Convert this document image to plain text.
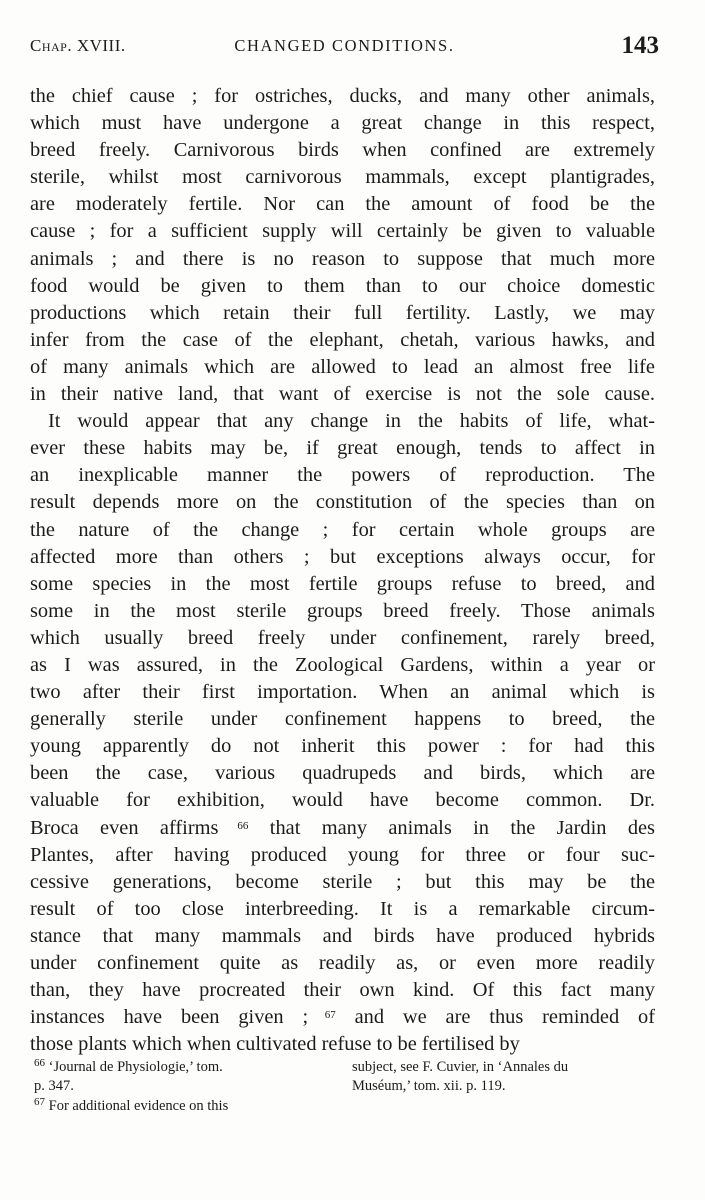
Chap. XVIII.	CHANGED CONDITIONS.	143
the chief cause ; for ostriches, ducks, and many other animals,
which must have undergone a great change in this respect,
breed freely. Carnivorous birds when confined are extremely
sterile, whilst most carnivorous mammals, except plantigrades,
are moderately fertile. Nor can the amount of food be the
cause ; for a sufficient supply will certainly be given to valuable
animals ; and there is no reason to suppose that much more
food would be given to them than to our choice domestic
productions which retain their full fertility. Lastly, we may
infer from the case of the elephant, chetah, various hawks, and
of many animals which are allowed to lead an almost free life
in their native land, that want of exercise is not the sole cause.
It would appear that any change in the habits of life, what-
ever these habits may be, if great enough, tends to affect in
an inexplicable manner the powers of reproduction. The
result depends more on the constitution of the species than on
the nature of the change ; for certain whole groups are
affected more than others ; but exceptions always occur, for
some species in the most fertile groups refuse to breed, and
some in the most sterile groups breed freely. Those animals
which usually breed freely under confinement, rarely breed,
as I was assured, in the Zoological Gardens, within a year or
two after their first importation. When an animal which is
generally sterile under confinement happens to breed, the
young apparently do not inherit this power : for had this
been the case, various quadrupeds and birds, which are
valuable for exhibition, would have become common. Dr.
Broca even affirms $^{66}$ that many animals in the Jardin des
Plantes, after having produced young for three or four suc-
cessive generations, become sterile ; but this may be the
result of too close interbreeding. It is a remarkable circum-
stance that many mammals and birds have produced hybrids
under confinement quite as readily as, or even more readily
than, they have procreated their own kind. Of this fact many
instances have been given ; $^{67}$ and we are thus reminded of
those plants which when cultivated refuse to be fertilised by
$^{66}$ ‘Journal de Physiologie,’ tom.
p. 347.
$^{67}$ For additional evidence on this
subject, see F. Cuvier, in ‘Annales du
Muséum,’ tom. xii. p. 119.
